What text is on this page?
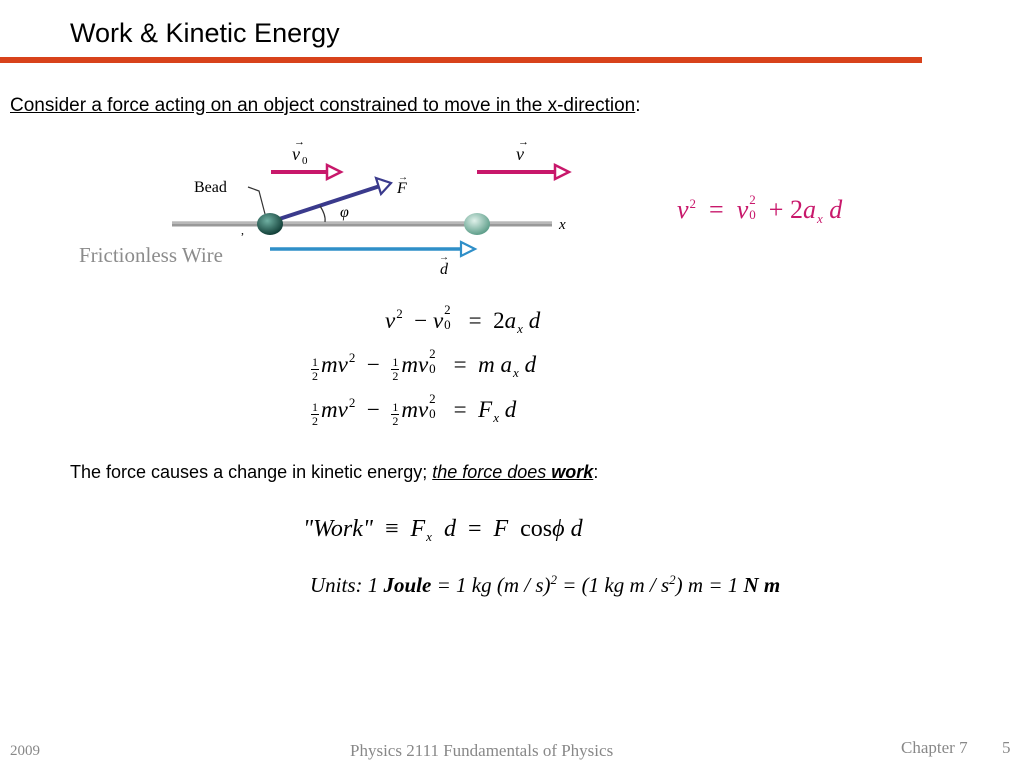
Work & Kinetic Energy
Consider a force acting on an object constrained to move in the x-direction:
x
→
v 0
→
v
Bead
→
F
φ
,
→
d
Frictionless Wire
$v^2 = v$ 2
$0 + 2a_x$ d
$v^2 - v$ 2
$0 = 2a_x$ d
$\frac{1}{2} mv^2 - \frac{1}{2}$ mv 2
0 = m $a_x$ d
$\frac{1}{2} mv^2 - \frac{1}{2}$ mv 2
$0 = F_x$ d
The force causes a change in kinetic energy; the force does work:
"Work" ≡ $F_x$ d = F cosϕ d
Units: 1 Joule = 1 kg (m / s)$^2$ = (1 kg m / $s^2$) m = 1 N m
2009	Physics 2111 Fundamentals of Physics	Chapter 7 5
